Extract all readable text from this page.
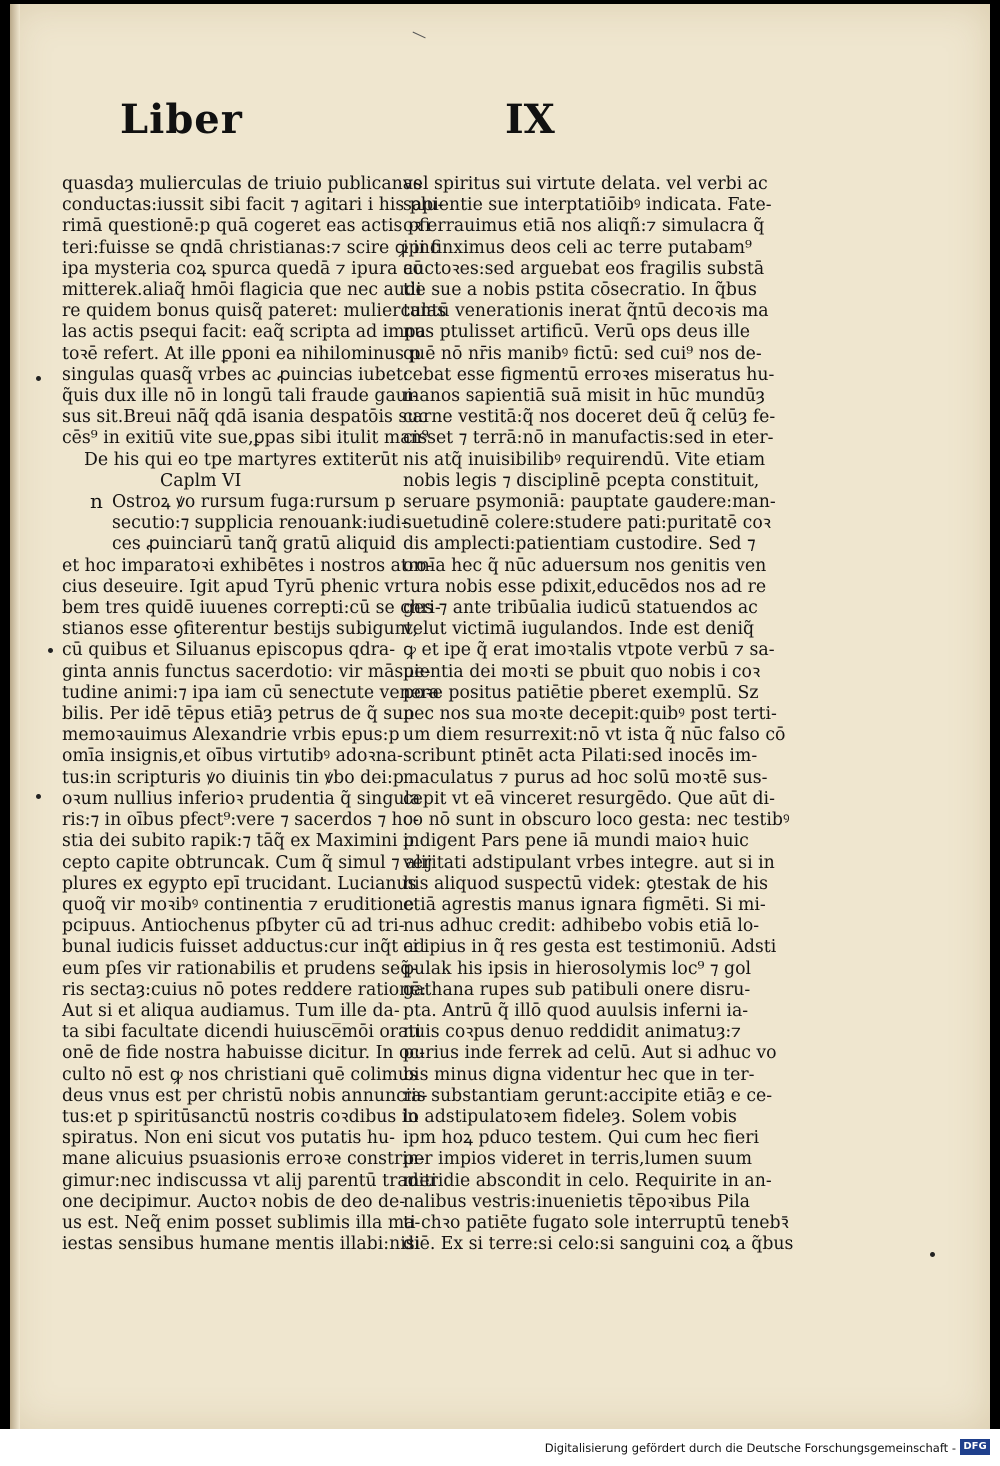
Liber	IX
quasdaȝ mulierculas de triuio publicanas
conductas:iussit sibi facit ⁊ agitari i his plu-
rimā questionē:p quā cogeret eas actis pfi
teri:fuisse se qndā christianas:⁊ scire ꝙ inc
ipa mysteria coꝝ spurca quedā ⁊ ipura cō
mitterek.aliaq̃ hmōi flagicia que nec audi
re quidem bonus quisq̃ pateret: mulierculas
las actis psequi facit: eaq̃ scripta ad impa
toꝛē refert. At ille ꝑponi ea nihilominus p
singulas quasq̃ vrbes ac ꝓuincias iubet:
q̃uis dux ille nō in longū tali fraude gaui-
sus sit.Breui nāq̃ qdā isania despatōis suc
cēs⁹ in exitiū vite sue,ꝑpas sibi itulit man⁹
De his qui eo tpe martyres extiterūt
Caplm VI
Ostroꝝ ꝟo rursum fuga:rursum p
secutio:⁊ supplicia renouank:iudi-
ces ꝓuinciarū tanq̃ gratū aliquid
et hoc imparatoꝛi exhibētes i nostros atro-
cius deseuire. Igit apud Tyrū phenic vr
bem tres quidē iuuenes correpti:cū se chri-
stianos esse ꝯfiterentur bestijs subigunt,
cū quibus et Siluanus episcopus qdra-
ginta annis functus sacerdotio: vir māsue-
tudine animi:⁊ ipa iam cū senectute venera
bilis. Per idē tēpus etiāȝ petrus de q̃ sup
memoꝛauimus Alexandrie vrbis epus:p
omīa insignis,et oībus virtutibꝰ adoꝛna-
tus:in scripturis ꝟo diuinis tin ꝟbo dei:p
oꝛum nullius inferioꝛ prudentia q̃ singula
ris:⁊ in oībus pfect⁹:vere ⁊ sacerdos ⁊ ho-
stia dei subito rapik:⁊ tāq̃ ex Maximini p
cepto capite obtruncak. Cum q̃ simul ⁊ alij
plures ex egypto epī trucidant. Lucianus
quoq̃ vir moꝛibꝰ continentia ⁊ eruditione
pcipuus. Antiochenus pſbyter cū ad tri-
bunal iudicis fuisset adductus:cur inq̃t ad
eum pſes vir rationabilis et prudens seq̃-
ris sectaȝ:cuius nō potes reddere rationē:
Aut si et aliqua audiamus. Tum ille da-
ta sibi facultate dicendi huiusce̅mōi orati
onē de fide nostra habuisse dicitur. In oc-
culto nō est ꝙ nos christiani quē colimus
deus vnus est per christū nobis annuncia-
tus:et p spiritūsanctū nostris coꝛdibus in
spiratus. Non eni sicut vos putatis hu-
mane alicuius psuasionis erroꝛe constrin-
gimur:nec indiscussa vt alij parentū traditi
one decipimur. Auctoꝛ nobis de deo de-
us est. Neq̃ enim posset sublimis illa ma-
iestas sensibus humane mentis illabi:nisi
vel spiritus sui virtute delata. vel verbi ac
sapientie sue interptatiōibꝰ indicata. Fate-
oꝛ errauimus etiā nos aliqñ:⁊ simulacra q̃
ipi finximus deos celi ac terre putabam⁹
auctoꝛes:sed arguebat eos fragilis substā
tie sue a nobis pstita cōsecratio. In q̃bus
tantū venerationis inerat q̃ntū decoꝛis ma
nus ptulisset artificū. Verū ops deus ille
quē nō nr̄is manibꝰ fictū: sed cui⁹ nos de-
cebat esse figmentū erroꝛes miseratus hu-
manos sapientiā suā misit in hūc mundūȝ
carne vestitā:q̃ nos doceret deū q̃ celūȝ fe-
cisset ⁊ terrā:nō in manufactis:sed in eter-
nis atq̃ inuisibilibꝰ requirendū. Vite etiam
nobis legis ⁊ disciplinē pcepta constituit,
seruare psymoniā: pauptate gaudere:man-
suetudinē colere:studere pati:puritatē coꝛ
dis amplecti:patientiam custodire. Sed ⁊
omīa hec q̃ nūc aduersum nos genitis ven
tura nobis esse pdixit,educēdos nos ad re
ges ⁊ ante tribūalia iudicū statuendos ac
velut victimā iugulandos. Inde est deniq̃
ꝙ et ipe q̃ erat imoꝛtalis vtpote verbū ⁊ sa-
pientia dei moꝛti se pbuit quo nobis i coꝛ
poꝛe positus patiētie pberet exemplū. Sz
nec nos sua moꝛte decepit:quibꝰ post terti-
um diem resurrexit:nō vt ista q̃ nūc falso cō
scribunt ptinēt acta Pilati:sed inocēs im-
maculatus ⁊ purus ad hoc solū moꝛtē sus-
cepit vt eā vinceret resurgēdo. Que aūt di-
co nō sunt in obscuro loco gesta: nec testibꝰ
indigent Pars pene iā mundi maioꝛ huic
veritati adstipulant vrbes integre. aut si in
his aliquod suspectū videk: ꝯtestak de his
etiā agrestis manus ignara figmēti. Si mi-
nus adhuc credit: adhibebo vobis etiā lo-
ci ipius in q̃ res gesta est testimoniū. Adsti
pulak his ipsis in hierosolymis loc⁹ ⁊ gol
gathana rupes sub patibuli onere disru-
pta. Antrū q̃ illō quod auulsis inferni ia-
nuis coꝛpus denuo reddidit animatuȝ:⁊
purius inde ferrek ad celū. Aut si adhuc vo
bis minus digna videntur hec que in ter-
ris substantiam gerunt:accipite etiāȝ e ce-
lo adstipulatoꝛem fideleȝ. Solem vobis
ipm hoꝝ pduco testem. Qui cum hec fieri
per impios videret in terris,lumen suum
meridie abscondit in celo. Requirite in an-
nalibus vestris:inuenietis tēpoꝛibus Pila
ti chꝛo patiēte fugato sole interruptū tenebꝛ̄
diē. Ex si terre:si celo:si sanguini coꝝ a q̃bus
n
Digitalisierung gefördert durch die Deutsche Forschungsgemeinschaft - DFG
